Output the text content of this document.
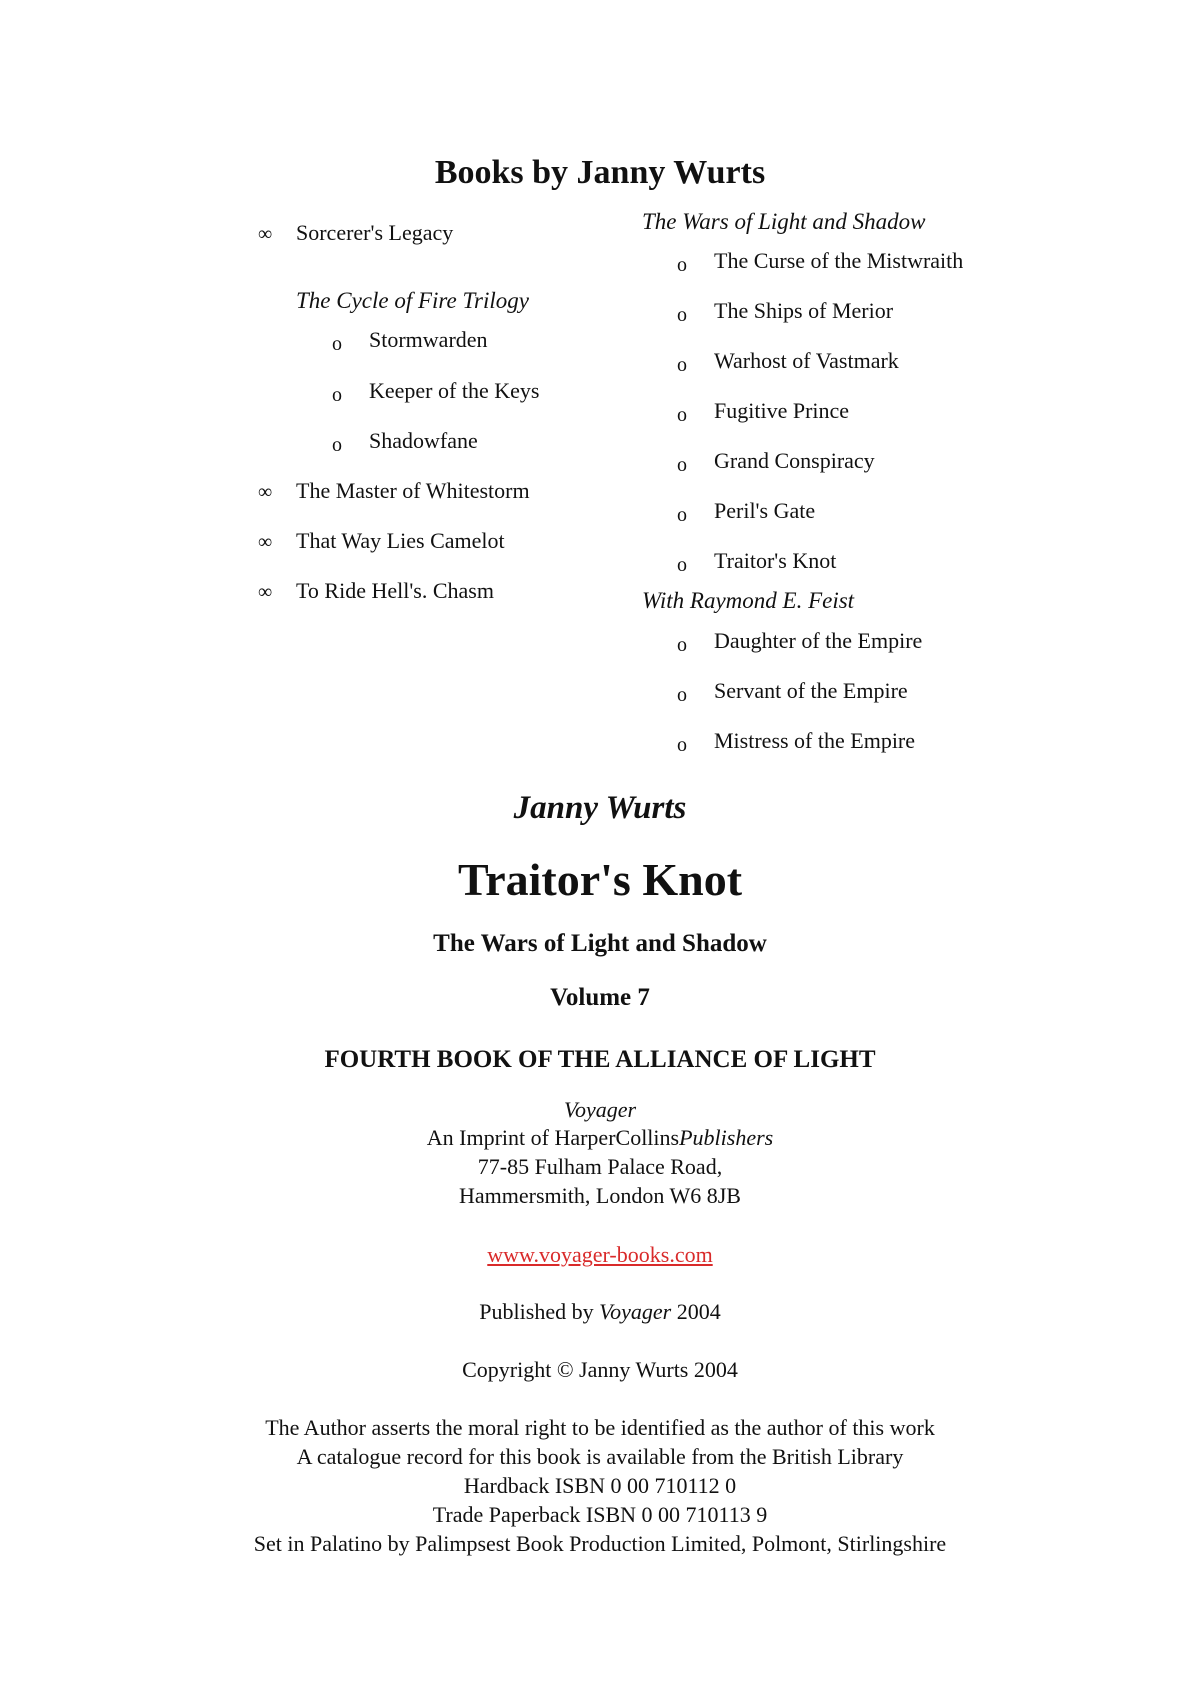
Books by Janny Wurts
∞ Sorcerer's Legacy
The Cycle of Fire Trilogy
o Stormwarden
o Keeper of the Keys
o Shadowfane
∞ The Master of Whitestorm
∞ That Way Lies Camelot
∞ To Ride Hell's. Chasm
The Wars of Light and Shadow
o The Curse of the Mistwraith
o The Ships of Merior
o Warhost of Vastmark
o Fugitive Prince
o Grand Conspiracy
o Peril's Gate
o Traitor's Knot
With Raymond E. Feist
o Daughter of the Empire
o Servant of the Empire
o Mistress of the Empire
Janny Wurts
Traitor's Knot
The Wars of Light and Shadow
Volume 7
FOURTH BOOK OF THE ALLIANCE OF LIGHT
Voyager
An Imprint of HarperCollinsPublishers
77-85 Fulham Palace Road,
Hammersmith, London W6 8JB
www.voyager-books.com
Published by Voyager 2004
Copyright © Janny Wurts 2004
The Author asserts the moral right to be identified as the author of this work
A catalogue record for this book is available from the British Library
Hardback ISBN 0 00 710112 0
Trade Paperback ISBN 0 00 710113 9
Set in Palatino by Palimpsest Book Production Limited, Polmont, Stirlingshire
